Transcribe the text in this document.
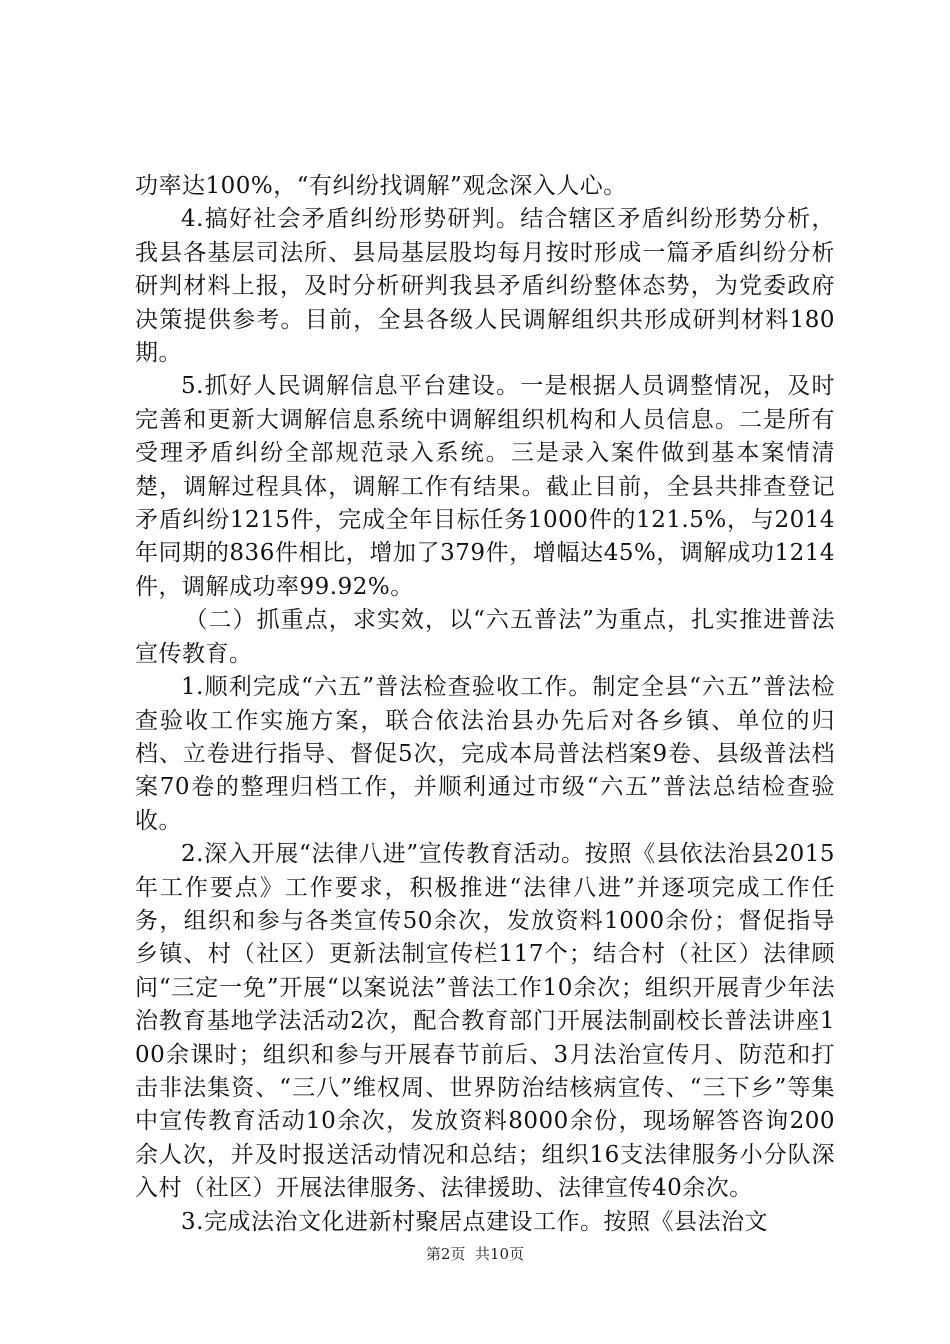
功率达100%，“有纠纷找调解”观念深入人心。

4.搞好社会矛盾纠纷形势研判。结合辖区矛盾纠纷形势分析，我县各基层司法所、县局基层股均每月按时形成一篇矛盾纠纷分析研判材料上报，及时分析研判我县矛盾纠纷整体态势，为党委政府决策提供参考。目前，全县各级人民调解组织共形成研判材料180期。

5.抓好人民调解信息平台建设。一是根据人员调整情况，及时完善和更新大调解信息系统中调解组织机构和人员信息。二是所有受理矛盾纠纷全部规范录入系统。三是录入案件做到基本案情清楚，调解过程具体，调解工作有结果。截止目前，全县共排查登记矛盾纠纷1215件，完成全年目标任务1000件的121.5%，与2014年同期的836件相比，增加了379件，增幅达45%，调解成功1214件，调解成功率99.92%。

（二）抓重点，求实效，以“六五普法”为重点，扎实推进普法宣传教育。

1.顺利完成“六五”普法检查验收工作。制定全县“六五”普法检查验收工作实施方案，联合依法治县办先后对各乡镇、单位的归档、立卷进行指导、督促5次，完成本局普法档案9卷、县级普法档案70卷的整理归档工作，并顺利通过市级“六五”普法总结检查验收。

2.深入开展“法律八进”宣传教育活动。按照《县依法治县2015年工作要点》工作要求，积极推进“法律八进”并逐项完成工作任务，组织和参与各类宣传50余次，发放资料1000余份；督促指导乡镇、村（社区）更新法制宣传栏117个；结合村（社区）法律顾问“三定一免”开展“以案说法”普法工作10余次；组织开展青少年法治教育基地学法活动2次，配合教育部门开展法制副校长普法讲座100余课时；组织和参与开展春节前后、3月法治宣传月、防范和打击非法集资、“三八”维权周、世界防治结核病宣传、“三下乡”等集中宣传教育活动10余次，发放资料8000余份，现场解答咨询200余人次，并及时报送活动情况和总结；组织16支法律服务小分队深入村（社区）开展法律服务、法律援助、法律宣传40余次。

3.完成法治文化进新村聚居点建设工作。按照《县法治文

第2页  共10页
